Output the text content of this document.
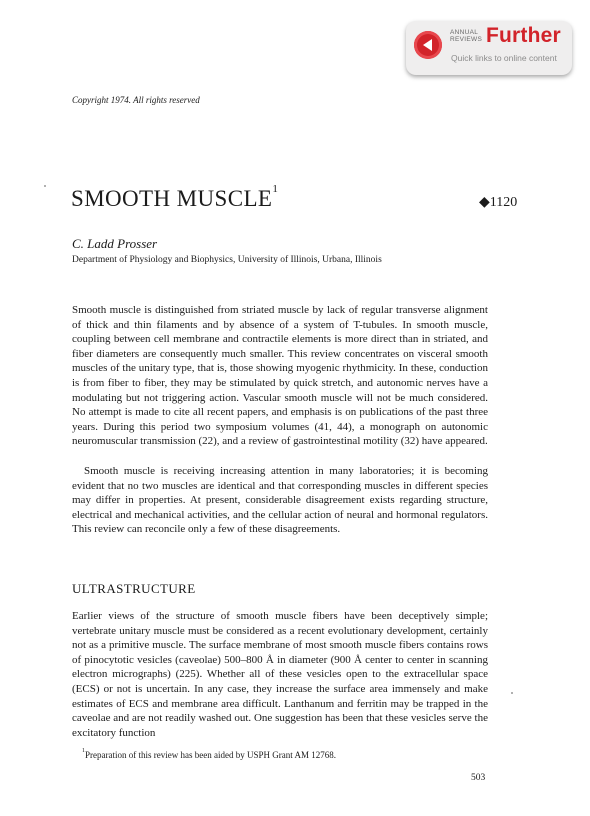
ANNUAL
REVIEWS Further
Quick links to online content
Copyright 1974. All rights reserved
SMOOTH MUSCLE$^1$
◆1120
C. Ladd Prosser
Department of Physiology and Biophysics, University of Illinois, Urbana, Illinois

Smooth muscle is distinguished from striated muscle by lack of regular transverse alignment of thick and thin filaments and by absence of a system of T-tubules. In smooth muscle, coupling between cell membrane and contractile elements is more direct than in striated, and fiber diameters are consequently much smaller. This review concentrates on visceral smooth muscles of the unitary type, that is, those showing myogenic rhythmicity. In these, conduction is from fiber to fiber, they may be stimulated by quick stretch, and autonomic nerves have a modulating but not triggering action. Vascular smooth muscle will not be much considered. No attempt is made to cite all recent papers, and emphasis is on publications of the past three years. During this period two symposium volumes (41, 44), a monograph on autonomic neuromuscular transmission (22), and a review of gastrointestinal motility (32) have appeared.

Smooth muscle is receiving increasing attention in many laboratories; it is becoming evident that no two muscles are identical and that corresponding muscles in different species may differ in properties. At present, considerable disagreement exists regarding structure, electrical and mechanical activities, and the cellular action of neural and hormonal regulators. This review can reconcile only a few of these disagreements.

ULTRASTRUCTURE

Earlier views of the structure of smooth muscle fibers have been deceptively simple; vertebrate unitary muscle must be considered as a recent evolutionary development, certainly not as a primitive muscle. The surface membrane of most smooth muscle fibers contains rows of pinocytotic vesicles (caveolae) 500–800 Å in diameter (900 Å center to center in scanning electron micrographs) (225). Whether all of these vesicles open to the extracellular space (ECS) or not is uncertain. In any case, they increase the surface area immensely and make estimates of ECS and membrane area difficult. Lanthanum and ferritin may be trapped in the caveolae and are not readily washed out. One suggestion has been that these vesicles serve the excitatory function

$^1$Preparation of this review has been aided by USPH Grant AM 12768.
503
